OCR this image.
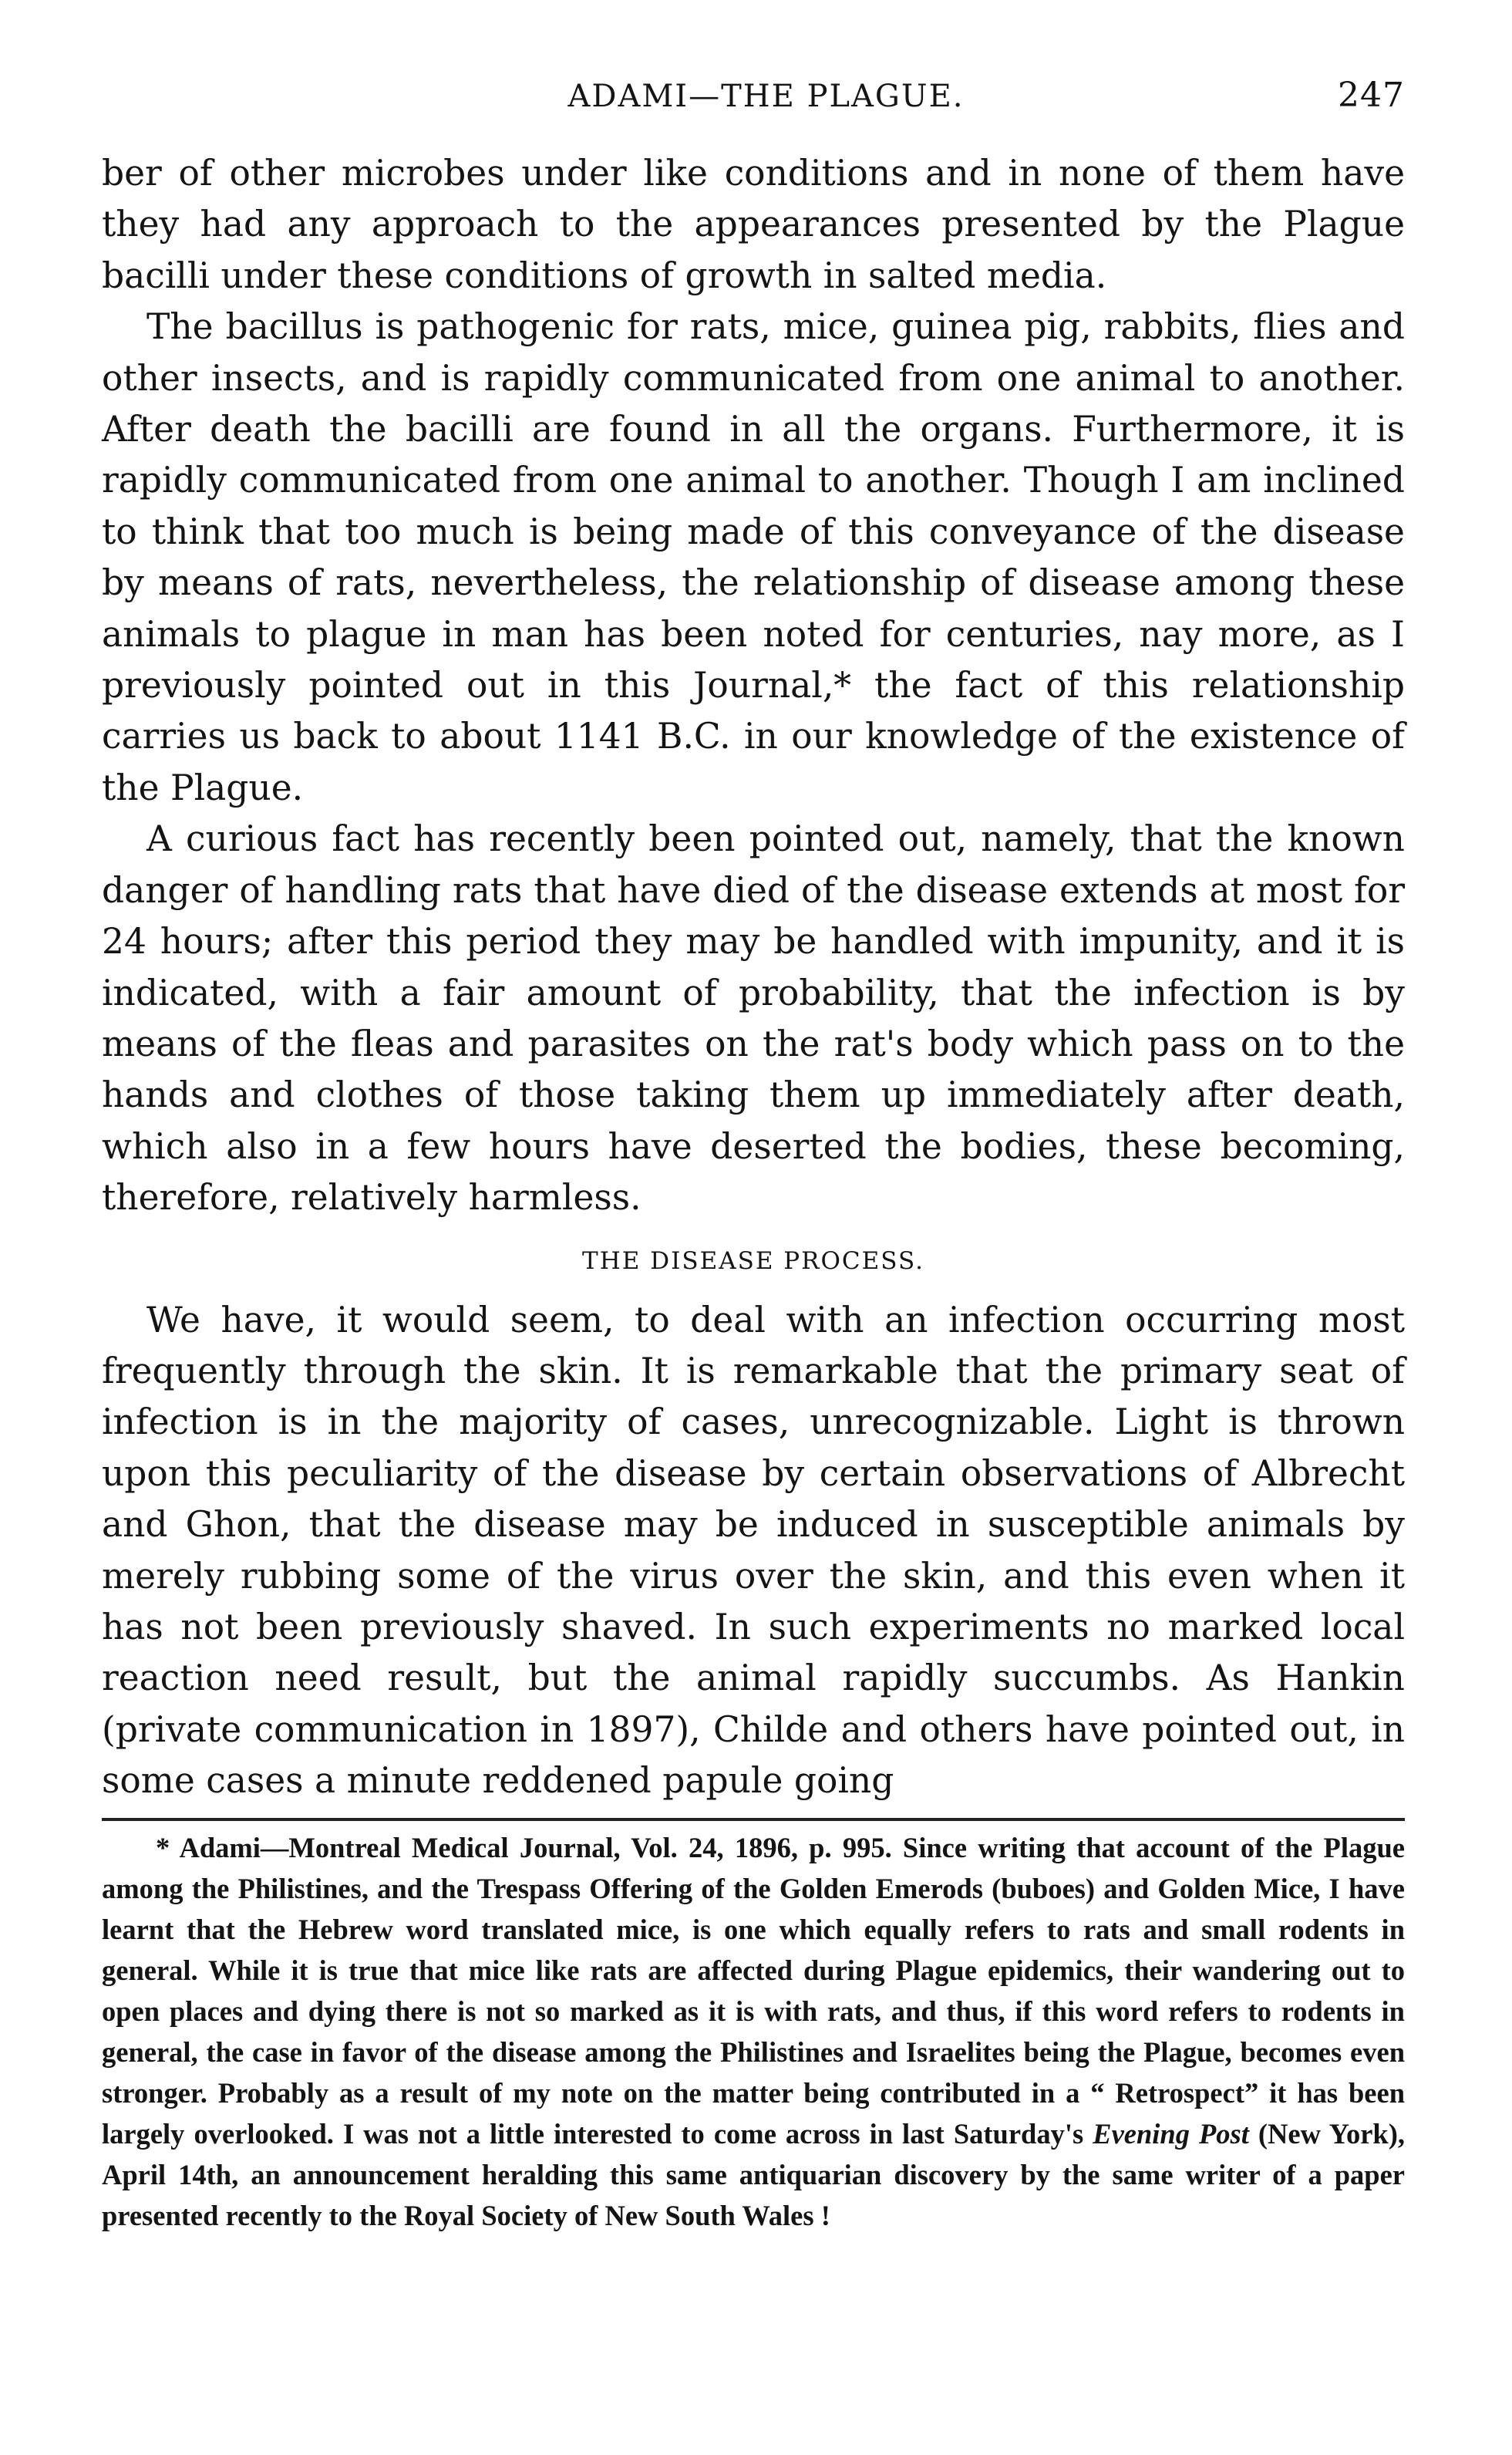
ADAMI—THE PLAGUE.	247

ber of other microbes under like conditions and in none of them have they had any approach to the appearances presented by the Plague bacilli under these conditions of growth in salted media.

The bacillus is pathogenic for rats, mice, guinea pig, rabbits, flies and other insects, and is rapidly communicated from one animal to another. After death the bacilli are found in all the organs. Furthermore, it is rapidly communicated from one animal to another. Though I am inclined to think that too much is being made of this conveyance of the disease by means of rats, nevertheless, the relationship of disease among these animals to plague in man has been noted for centuries, nay more, as I previously pointed out in this Journal,* the fact of this relationship carries us back to about 1141 B.C. in our knowledge of the existence of the Plague.

A curious fact has recently been pointed out, namely, that the known danger of handling rats that have died of the disease extends at most for 24 hours; after this period they may be handled with impunity, and it is indicated, with a fair amount of probability, that the infection is by means of the fleas and parasites on the rat's body which pass on to the hands and clothes of those taking them up immediately after death, which also in a few hours have deserted the bodies, these becoming, therefore, relatively harmless.

THE DISEASE PROCESS.

We have, it would seem, to deal with an infection occurring most frequently through the skin. It is remarkable that the primary seat of infection is in the majority of cases, unrecognizable. Light is thrown upon this peculiarity of the disease by certain observations of Albrecht and Ghon, that the disease may be induced in susceptible animals by merely rubbing some of the virus over the skin, and this even when it has not been previously shaved. In such experiments no marked local reaction need result, but the animal rapidly succumbs. As Hankin (private communication in 1897), Childe and others have pointed out, in some cases a minute reddened papule going

* Adami—Montreal Medical Journal, Vol. 24, 1896, p. 995. Since writing that account of the Plague among the Philistines, and the Trespass Offering of the Golden Emerods (buboes) and Golden Mice, I have learnt that the Hebrew word translated mice, is one which equally refers to rats and small rodents in general. While it is true that mice like rats are affected during Plague epidemics, their wandering out to open places and dying there is not so marked as it is with rats, and thus, if this word refers to rodents in general, the case in favor of the disease among the Philistines and Israelites being the Plague, becomes even stronger. Probably as a result of my note on the matter being contributed in a “ Retrospect” it has been largely overlooked. I was not a little interested to come across in last Saturday's Evening Post (New York), April 14th, an announcement heralding this same antiquarian discovery by the same writer of a paper presented recently to the Royal Society of New South Wales !
